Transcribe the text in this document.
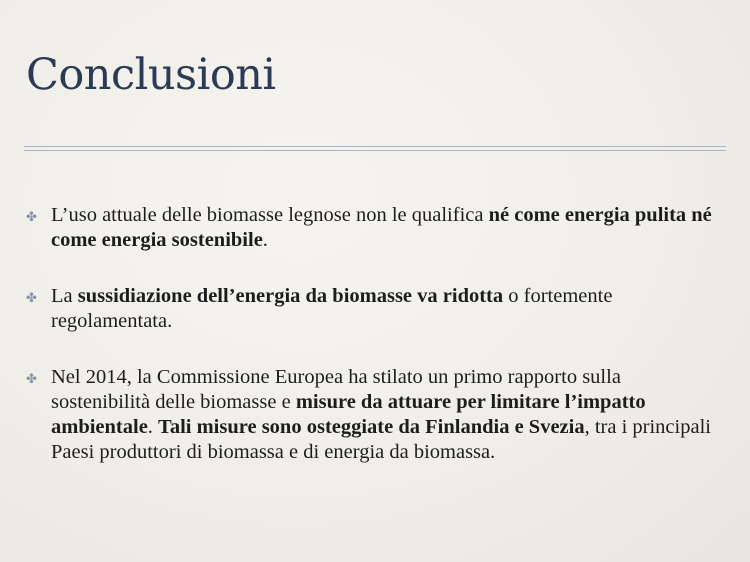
Conclusioni
✤ L’uso attuale delle biomasse legnose non le qualifica né come energia pulita né come energia sostenibile.
✤ La sussidiazione dell’energia da biomasse va ridotta o fortemente regolamentata.
✤ Nel 2014, la Commissione Europea ha stilato un primo rapporto sulla sostenibilità delle biomasse e misure da attuare per limitare l’impatto ambientale. Tali misure sono osteggiate da Finlandia e Svezia, tra i principali Paesi produttori di biomassa e di energia da biomassa.
